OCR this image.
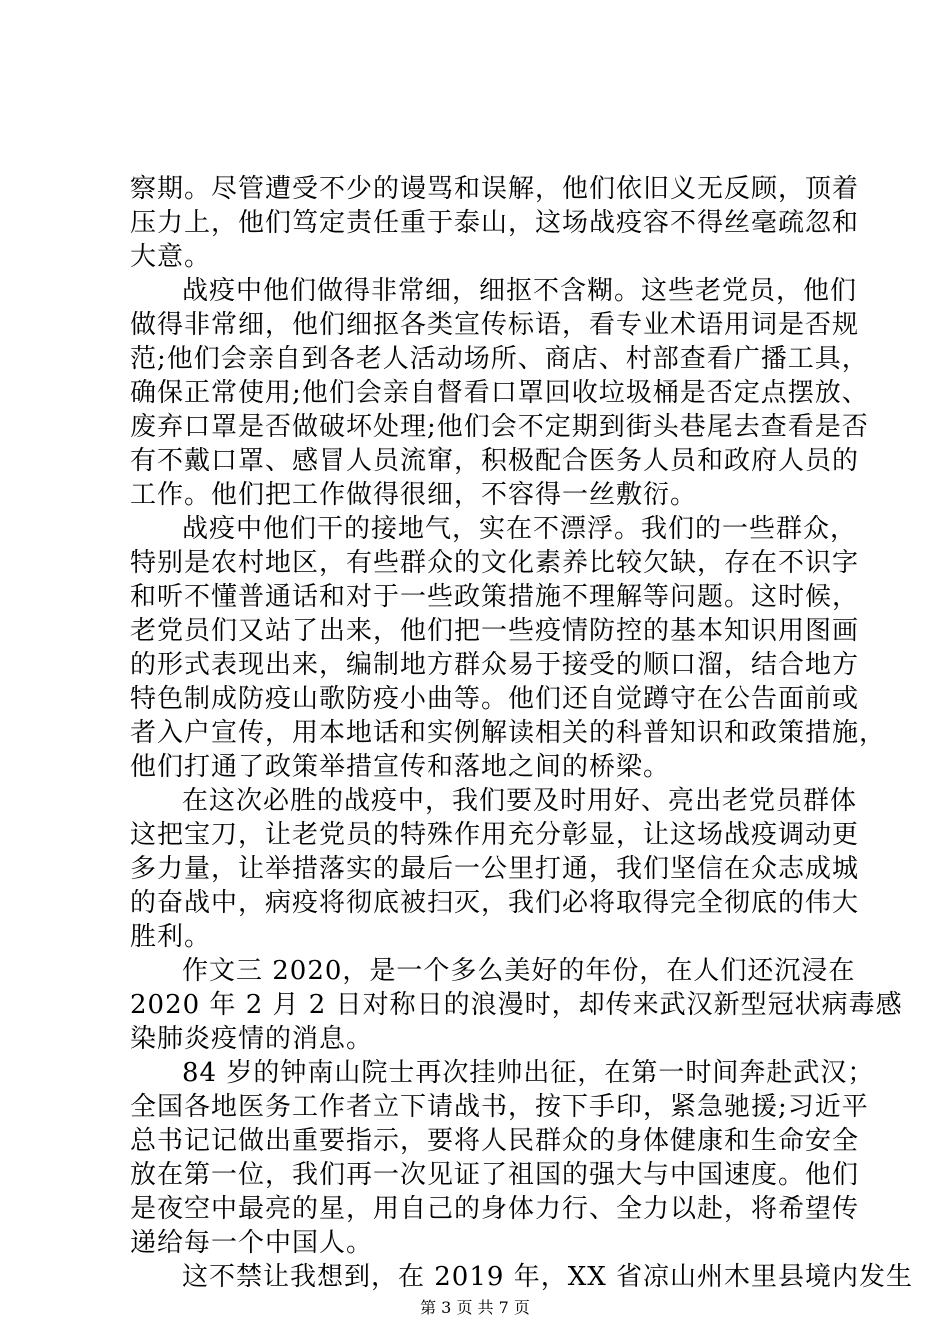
察期。尽管遭受不少的谩骂和误解，他们依旧义无反顾，顶着
压力上，他们笃定责任重于泰山，这场战疫容不得丝毫疏忽和
大意。
战疫中他们做得非常细，细抠不含糊。这些老党员，他们
做得非常细，他们细抠各类宣传标语，看专业术语用词是否规
范;他们会亲自到各老人活动场所、商店、村部查看广播工具，
确保正常使用;他们会亲自督看口罩回收垃圾桶是否定点摆放、
废弃口罩是否做破坏处理;他们会不定期到街头巷尾去查看是否
有不戴口罩、感冒人员流窜，积极配合医务人员和政府人员的
工作。他们把工作做得很细，不容得一丝敷衍。
战疫中他们干的接地气，实在不漂浮。我们的一些群众，
特别是农村地区，有些群众的文化素养比较欠缺，存在不识字
和听不懂普通话和对于一些政策措施不理解等问题。这时候，
老党员们又站了出来，他们把一些疫情防控的基本知识用图画
的形式表现出来，编制地方群众易于接受的顺口溜，结合地方
特色制成防疫山歌防疫小曲等。他们还自觉蹲守在公告面前或
者入户宣传，用本地话和实例解读相关的科普知识和政策措施，
他们打通了政策举措宣传和落地之间的桥梁。
在这次必胜的战疫中，我们要及时用好、亮出老党员群体
这把宝刀，让老党员的特殊作用充分彰显，让这场战疫调动更
多力量，让举措落实的最后一公里打通，我们坚信在众志成城
的奋战中，病疫将彻底被扫灭，我们必将取得完全彻底的伟大
胜利。
作文三 2020，是一个多么美好的年份，在人们还沉浸在
2020 年 2 月 2 日对称日的浪漫时，却传来武汉新型冠状病毒感
染肺炎疫情的消息。
84 岁的钟南山院士再次挂帅出征，在第一时间奔赴武汉；
全国各地医务工作者立下请战书，按下手印，紧急驰援;习近平
总书记记做出重要指示，要将人民群众的身体健康和生命安全
放在第一位，我们再一次见证了祖国的强大与中国速度。他们
是夜空中最亮的星，用自己的身体力行、全力以赴，将希望传
递给每一个中国人。
这不禁让我想到，在 2019 年，XX 省凉山州木里县境内发生
第 3 页 共 7 页
